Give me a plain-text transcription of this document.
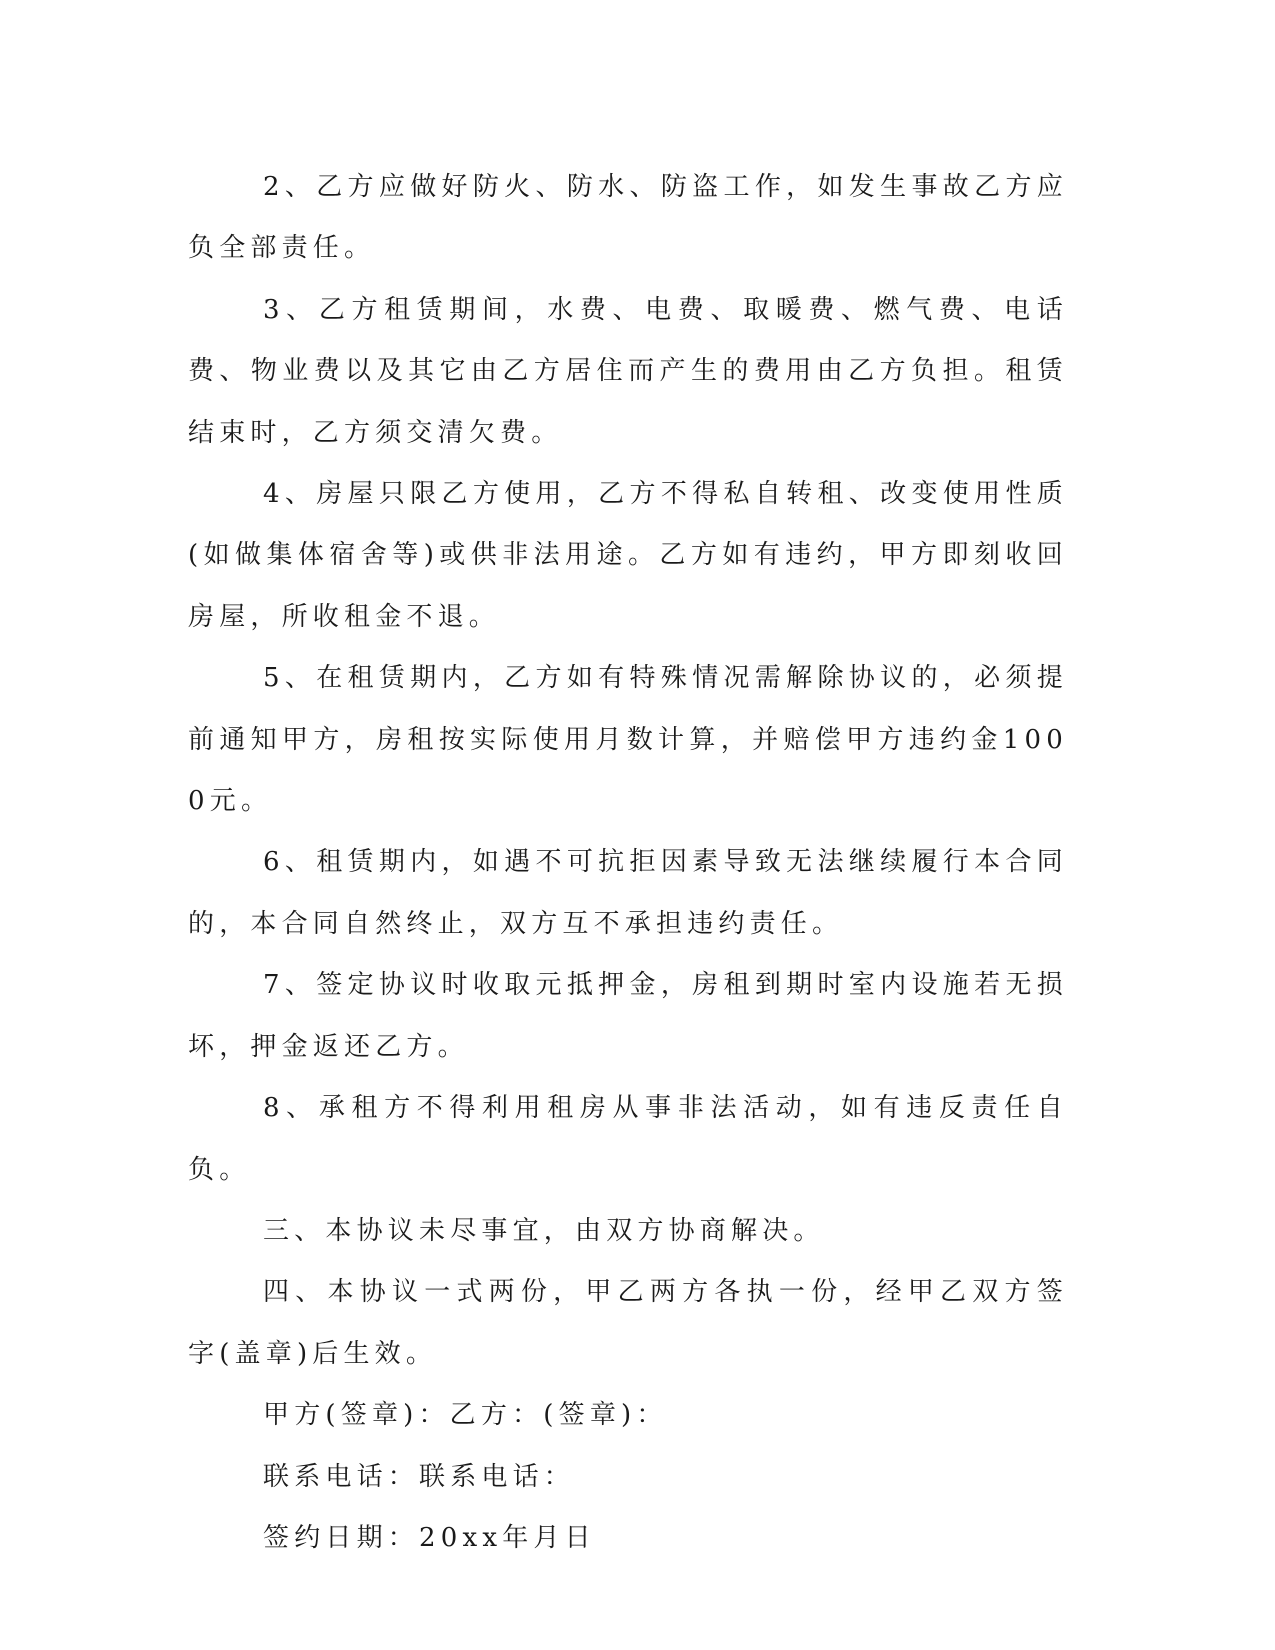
2、乙方应做好防火、防水、防盗工作，如发生事故乙方应负全部责任。

3、乙方租赁期间，水费、电费、取暖费、燃气费、电话费、物业费以及其它由乙方居住而产生的费用由乙方负担。租赁结束时，乙方须交清欠费。

4、房屋只限乙方使用，乙方不得私自转租、改变使用性质(如做集体宿舍等)或供非法用途。乙方如有违约，甲方即刻收回房屋，所收租金不退。

5、在租赁期内，乙方如有特殊情况需解除协议的，必须提前通知甲方，房租按实际使用月数计算，并赔偿甲方违约金1000元。

6、租赁期内，如遇不可抗拒因素导致无法继续履行本合同的，本合同自然终止，双方互不承担违约责任。

7、签定协议时收取元抵押金，房租到期时室内设施若无损坏，押金返还乙方。

8、承租方不得利用租房从事非法活动，如有违反责任自负。

三、本协议未尽事宜，由双方协商解决。

四、本协议一式两份，甲乙两方各执一份，经甲乙双方签字(盖章)后生效。

甲方(签章)：乙方：(签章)：

联系电话：联系电话：

签约日期：20xx年月日
